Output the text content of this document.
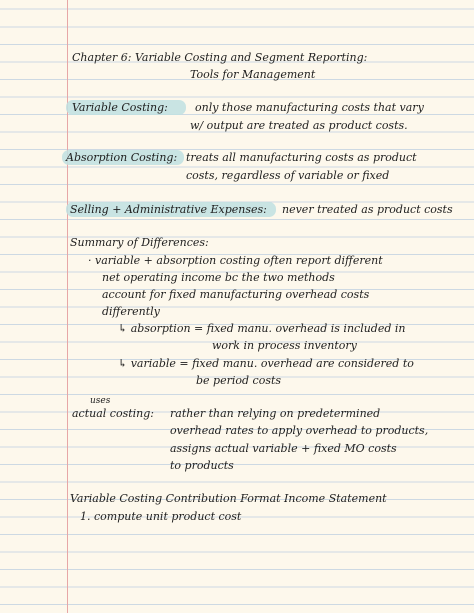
Chapter 6: Variable Costing and Segment Reporting:
Tools for Management
Variable Costing: only those manufacturing costs that vary
w/ output are treated as product costs.
Absorption Costing: treats all manufacturing costs as product
costs, regardless of variable or fixed
Selling + Administrative Expenses: never treated as product costs
Summary of Differences:
· variable + absorption costing often report different
net operating income bc the two methods
account for fixed manufacturing overhead costs
differently
↳ absorption = fixed manu. overhead is included in
work in process inventory
↳ variable = fixed manu. overhead are considered to
be period costs
uses
actual costing: rather than relying on predetermined
overhead rates to apply overhead to products,
assigns actual variable + fixed MO costs
to products
Variable Costing Contribution Format Income Statement
1. compute unit product cost
